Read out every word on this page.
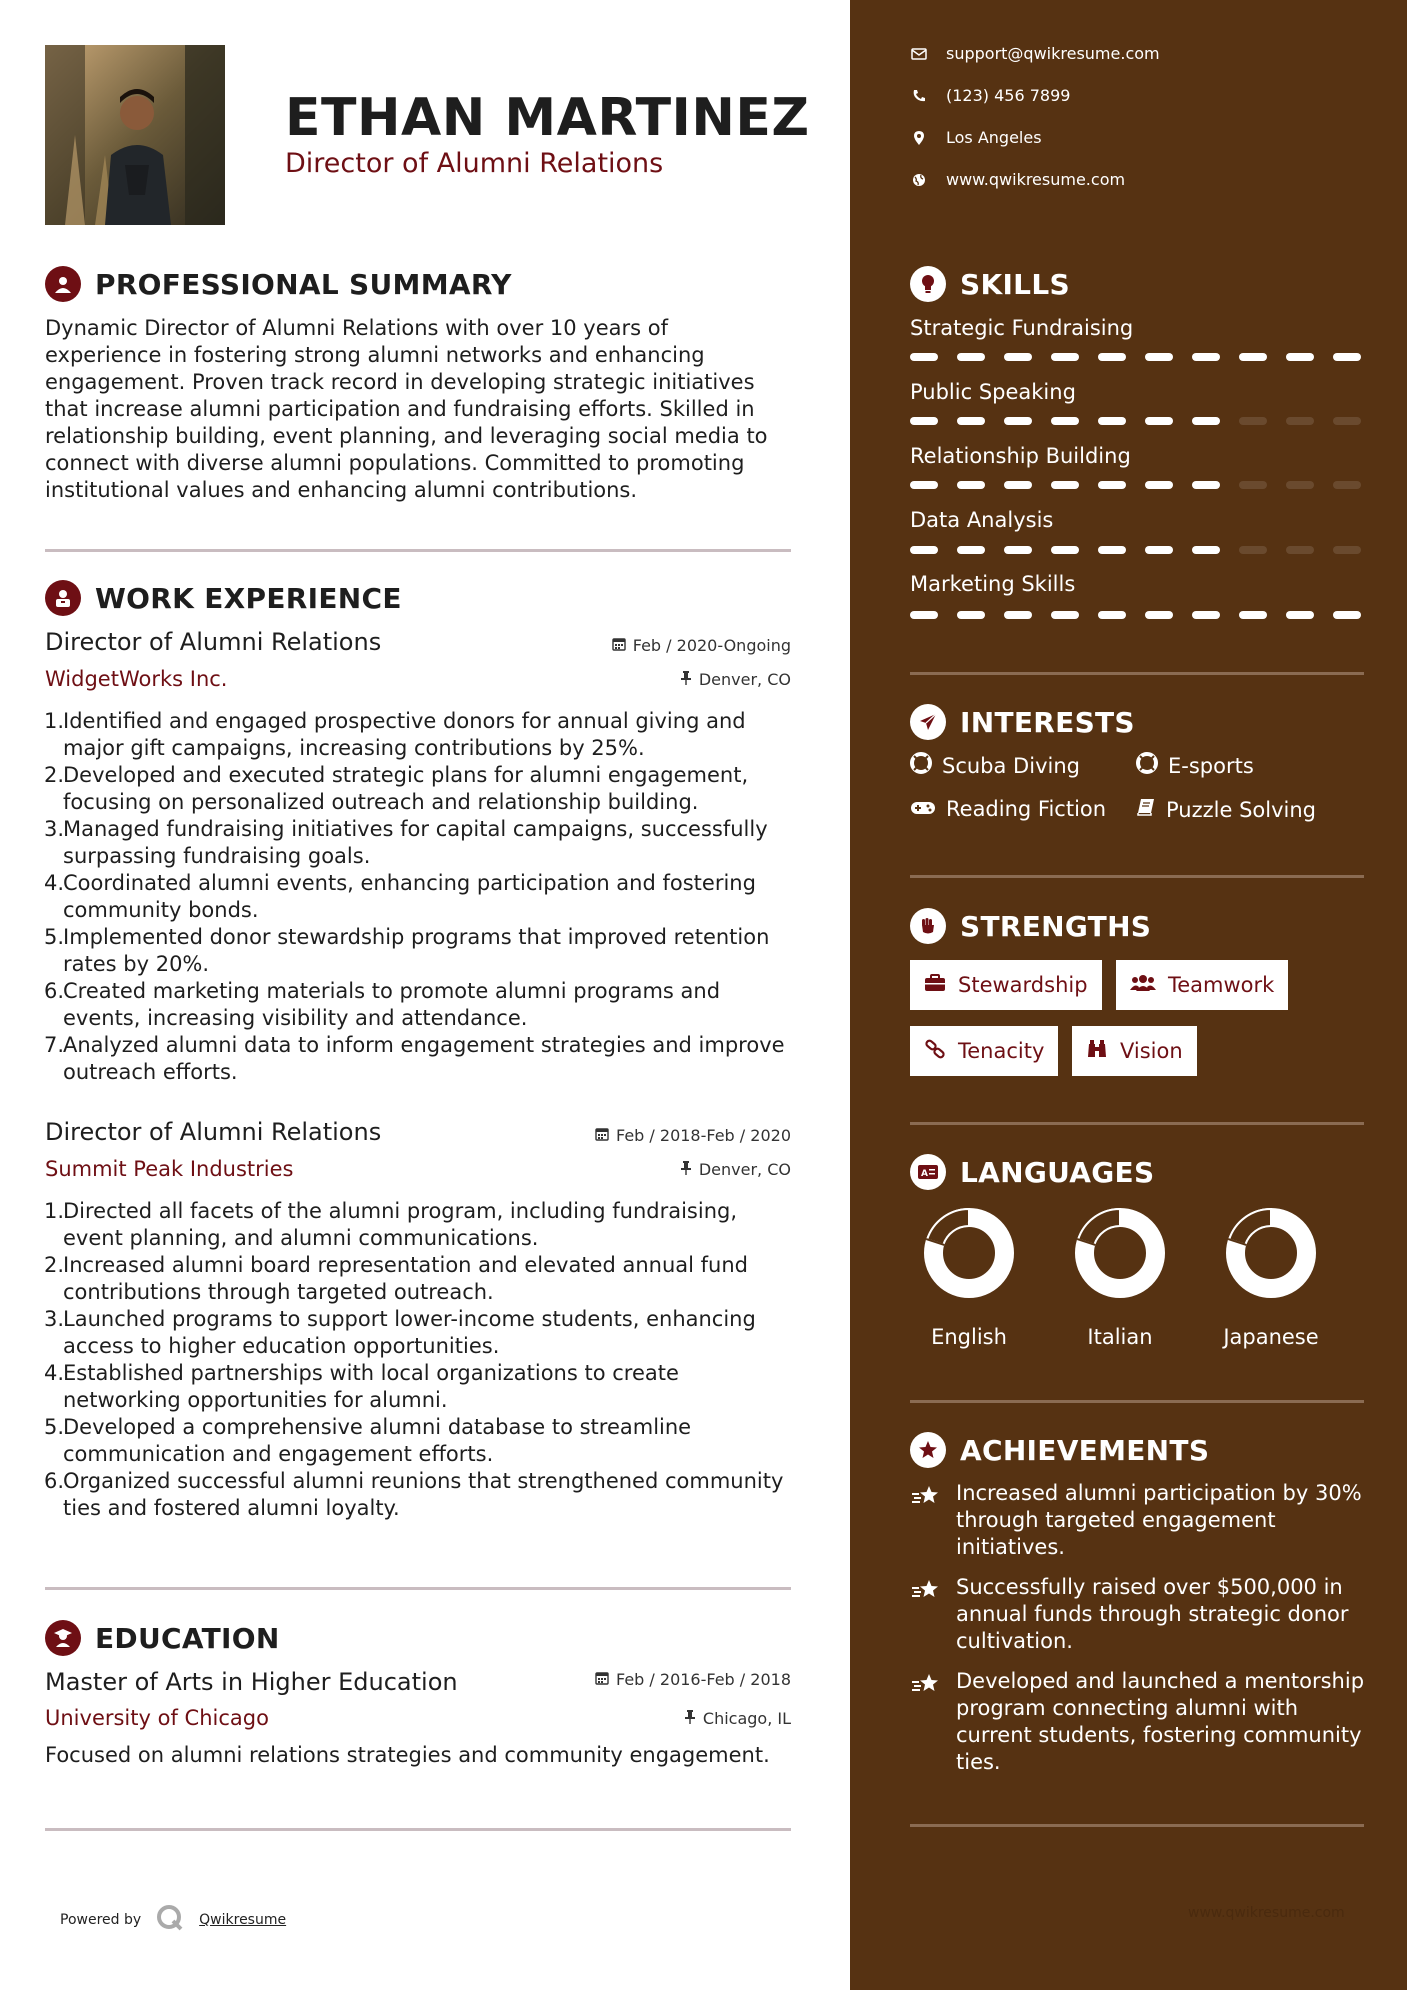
ETHAN MARTINEZ
Director of Alumni Relations
PROFESSIONAL SUMMARY
Dynamic Director of Alumni Relations with over 10 years of experience in fostering strong alumni networks and enhancing engagement. Proven track record in developing strategic initiatives that increase alumni participation and fundraising efforts. Skilled in relationship building, event planning, and leveraging social media to connect with diverse alumni populations. Committed to promoting institutional values and enhancing alumni contributions.
WORK EXPERIENCE
Director of Alumni Relations	Feb / 2020-Ongoing
WidgetWorks Inc.	Denver, CO
Identified and engaged prospective donors for annual giving and major gift campaigns, increasing contributions by 25%.
Developed and executed strategic plans for alumni engagement, focusing on personalized outreach and relationship building.
Managed fundraising initiatives for capital campaigns, successfully surpassing fundraising goals.
Coordinated alumni events, enhancing participation and fostering community bonds.
Implemented donor stewardship programs that improved retention rates by 20%.
Created marketing materials to promote alumni programs and events, increasing visibility and attendance.
Analyzed alumni data to inform engagement strategies and improve outreach efforts.
Director of Alumni Relations	Feb / 2018-Feb / 2020
Summit Peak Industries	Denver, CO
Directed all facets of the alumni program, including fundraising, event planning, and alumni communications.
Increased alumni board representation and elevated annual fund contributions through targeted outreach.
Launched programs to support lower-income students, enhancing access to higher education opportunities.
Established partnerships with local organizations to create networking opportunities for alumni.
Developed a comprehensive alumni database to streamline communication and engagement efforts.
Organized successful alumni reunions that strengthened community ties and fostered alumni loyalty.
EDUCATION
Master of Arts in Higher Education	Feb / 2016-Feb / 2018
University of Chicago	Chicago, IL
Focused on alumni relations strategies and community engagement.
Powered by	Qwikresume
support@qwikresume.com
(123) 456 7899
Los Angeles
www.qwikresume.com
SKILLS
Strategic Fundraising
Public Speaking
Relationship Building
Data Analysis
Marketing Skills
INTERESTS
Scuba Diving	E-sports
Reading Fiction	Puzzle Solving
STRENGTHS
Stewardship	Teamwork
Tenacity	Vision
A LANGUAGES
English	Italian	Japanese
ACHIEVEMENTS
Increased alumni participation by 30% through targeted engagement initiatives.
Successfully raised over $500,000 in annual funds through strategic donor cultivation.
Developed and launched a mentorship program connecting alumni with current students, fostering community ties.
www.qwikresume.com
